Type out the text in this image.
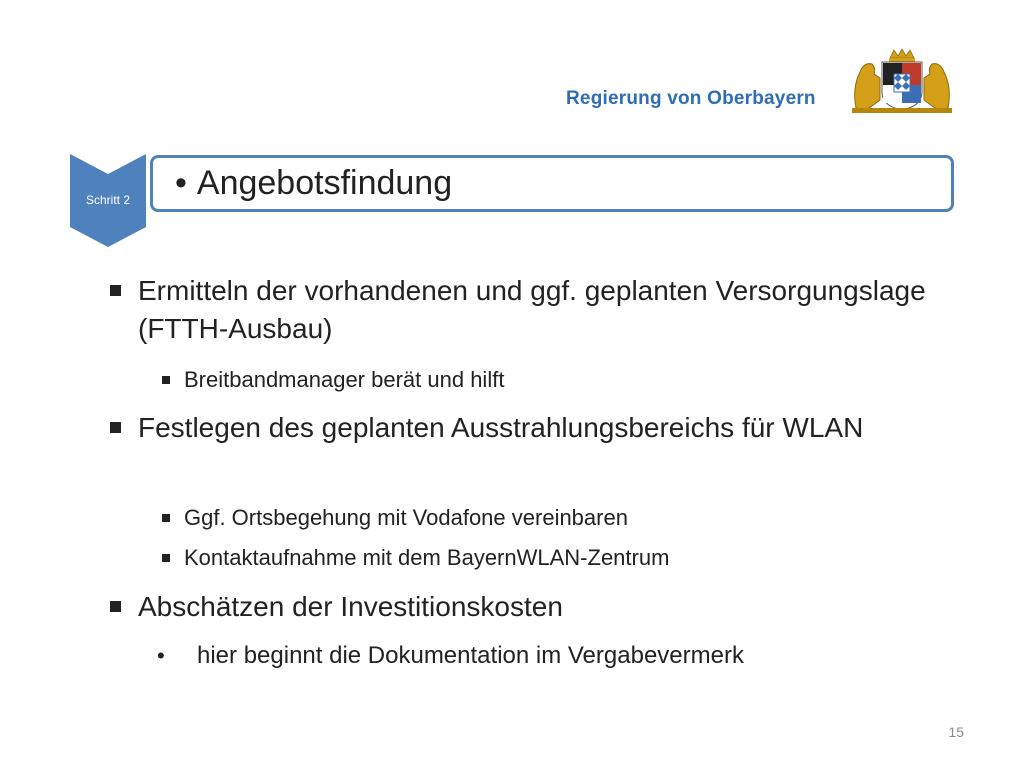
Regierung von Oberbayern
• Angebotsfindung
Schritt 2
Ermitteln der vorhandenen und ggf. geplanten Versorgungslage (FTTH-Ausbau)
Breitbandmanager berät und hilft
Festlegen des geplanten Ausstrahlungsbereichs für WLAN
Ggf. Ortsbegehung mit Vodafone vereinbaren
Kontaktaufnahme mit dem BayernWLAN-Zentrum
Abschätzen der Investitionskosten
• hier beginnt die Dokumentation im Vergabevermerk
15
